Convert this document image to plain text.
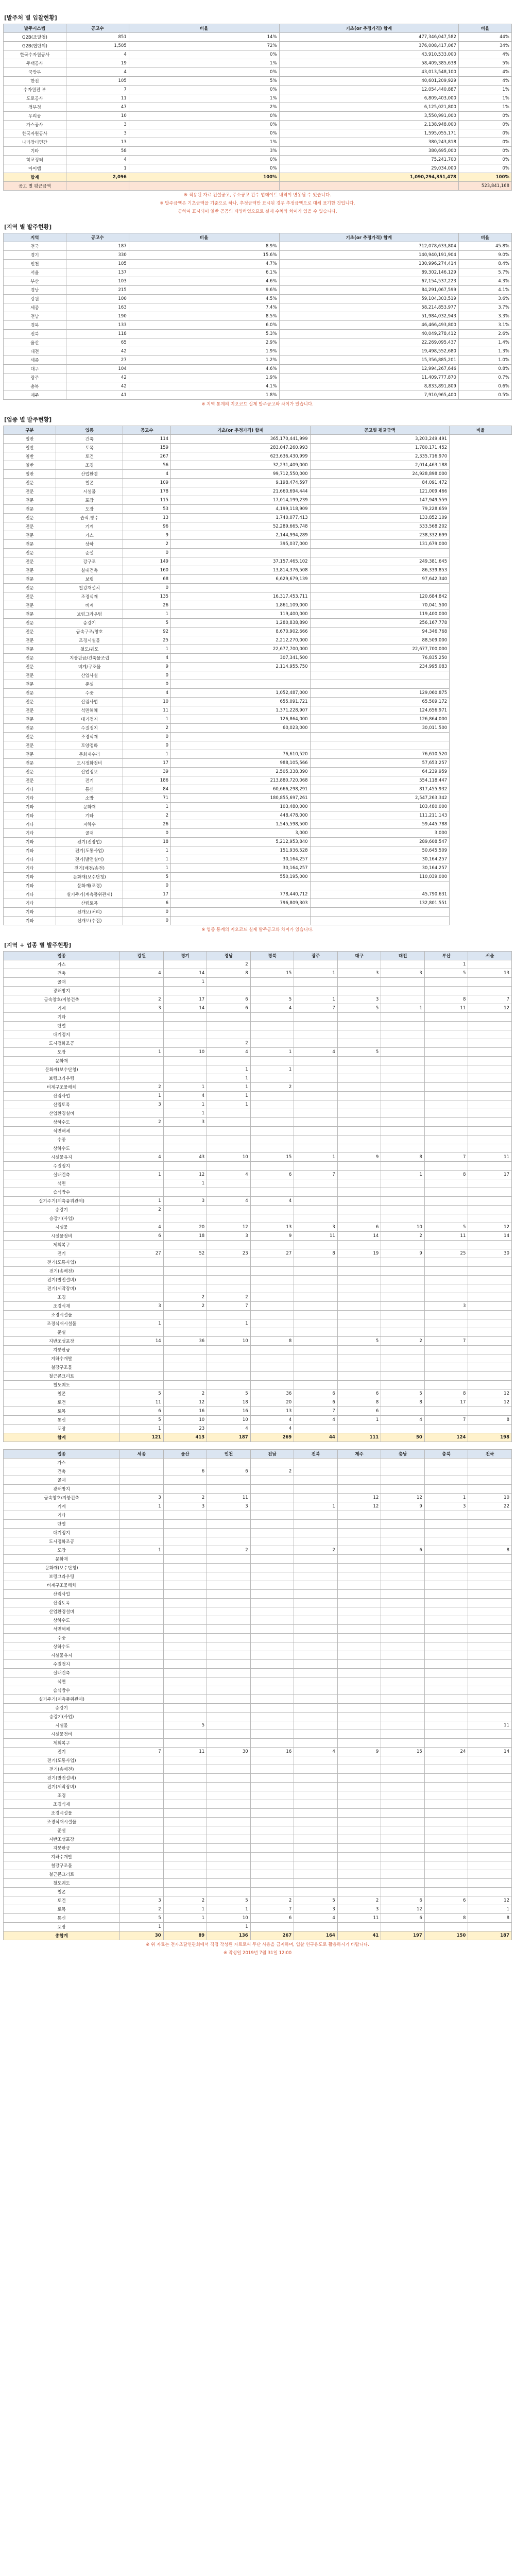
[발주처 별 입찰현황]
발주시스템	공고수	비율	기초(or 추정가격) 합계	비율
G2B(조달청)	851	14%	477,346,047,582	44%
G2B(협단위)	1,505	72%	376,008,417,067	34%
한국수자원공사	4	0%	43,910,533,000	4%
주택공사	19	1%	58,409,385,638	5%
국방부	4	0%	43,013,548,100	4%
한전	105	5%	40,601,209,929	4%
수자원전 부	7	0%	12,054,440,887	1%
도로공사	11	1%	6,809,403,000	1%
정부청	47	2%	6,125,021,800	1%
우리공	10	0%	3,550,991,000	0%
가스공사	3	0%	2,138,948,000	0%
한국자원공사	3	0%	1,595,055,171	0%
나라장터민간	13	1%	380,243,818	0%
기타	58	3%	380,695,000	0%
학교정터	4	0%	75,241,700	0%
아이템	1	0%	29,034,000	0%
합계	2,096	100%	1,090,294,351,478	100%
공고 별 평균금액				523,841,168
※ 적용된 자료 건설공고, 주소공고 건수 업데이트 내역이 변동될 수 있습니다.
※ 발주금액은 기초금액을 기준으로 하나, 추정금액만 표시된 경우 추정금액으로 대체 표기한 것입니다.
공하여 표시되어 일반 공공의 제영하였으므로 실제 수치와 차이가 있을 수 있습니다.
[지역 별 발주현황]
지역	공고수	비율	기초(or 추정가격) 합계	비율
전국	187	8.9%	712,078,633,804	45.8%
경기	330	15.6%	140,940,191,904	9.0%
인천	105	4.7%	130,996,274,414	8.4%
서울	137	6.1%	89,302,146,129	5.7%
부산	103	4.6%	67,154,537,223	4.3%
경남	215	9.6%	84,291,067,599	4.1%
강원	100	4.5%	59,104,303,519	3.6%
세종	163	7.4%	58,214,853,977	3.7%
전남	190	8.5%	51,984,032,943	3.3%
경북	133	6.0%	46,466,493,800	3.1%
전북	118	5.3%	40,049,278,412	2.6%
울산	65	2.9%	22,269,095,437	1.4%
대전	42	1.9%	19,498,552,680	1.3%
세종	27	1.2%	15,356,885,201	1.0%
대구	104	4.6%	12,994,267,646	0.8%
광주	42	1.9%	11,409,777,870	0.7%
충북	42	4.1%	8,833,891,809	0.6%
제주	41	1.8%	7,910,965,400	0.5%
※ 지역 통계의 지오코드 실제 발주공고와 차이가 있습니다.
[업종 별 발주현황]
구분	업종	공고수	기초(or 추정가격) 합계	공고별 평균금액	비율
일반	건축	114	365,170,441,999	3,203,249,491	
일반	토목	159	283,047,260,993	1,780,171,452	
일반	토건	267	623,636,430,999	2,335,716,970	
일반	조경	56	32,231,409,000	2,014,463,188	
일반	산업환경	4	99,712,550,000	24,928,898,000	
전문	철콘	109	9,198,474,597	84,091,472	
전문	시설물	178	21,660,694,444	121,009,466	
전문	포장	115	17,014,199,239	147,949,559	
전문	도장	53	4,199,118,909	79,228,659	
전문	습식.방수	13	1,740,077,413	133,852,109	
전문	기계	96	52,289,665,748	533,568,202	
전문	가스	9	2,144,994,289	238,332,699	
전문	상하	2	395,037,000	131,679,000	
전문	준설	0			
전문	강구조	149	37,157,465,102	249,381,645	
전문	실내건축	160	13,814,376,508	86,339,853	
전문	보링	68	6,629,679,139	97,642,340	
전문	철강재설치	0			
전문	조경식재	135	16,317,453,711	120,684,842	
전문	비계	26	1,861,109,000	70,041,500	
전문	보링그라우팅	1	119,400,000	119,400,000	
전문	승강기	5	1,280,838,890	256,167,778	
전문	금속구조/창호	92	8,670,902,666	94,346,768	
전문	조경시설물	25	2,212,270,000	88,509,000	
전문	철도/궤도	1	22,677,700,000	22,677,700,000	
전문	지붕판금/건축물조립	4	307,341,500	76,835,250	
전문	비계/구조물	9	2,114,955,750	234,995,083	
전문	산업사설	0			
전문	준설	0			
전문	수중	4	1,052,487,000	129,060,875	
전문	산림사업	10	655,091,721	65,509,172	
전문	석면해체	11	1,371,228,907	124,656,971	
전문	대기정지	1	126,864,000	126,864,000	
전문	수질정지	2	60,023,000	30,011,500	
전문	조경식재	0			
전문	토양정화	0			
전문	문화재수리	1	76,610,520	76,610,520	
전문	도시정화정비	17	988,105,566	57,653,257	
전문	산업정보	39	2,505,338,390	64,239,959	
전문	전기	186	213,880,720,068	554,118,447	
기타	통신	84	60,666,298,291	817,455,932	
기타	소방	71	180,855,697,261	2,547,263,342	
기타	문화재	1	103,480,000	103,480,000	
기타	기타	2	448,478,000	111,211,143	
기타	지하수	26	1,545,598,500	59,445,788	
기타	골재	0	3,000	3,000	
기타	전기(전장업)	18	5,212,953,840	289,608,547	
기타	전기(도통사업)	1	151,936,528	50,645,509	
기타	전기(발전설비)	1	30,164,257	30,164,257	
기타	전기(배전/송전)	1	30,164,257	30,164,257	
기타	문화재(보수단청)	5	550,195,000	110,039,000	
기타	문화재(조경)	0			
기타	실기주기(계측품위관제)	17	778,440,712	45,790,631	
기타	산림토목	6	796,809,303	132,801,551	
기타	신개보(처리)	0			
기타	신개보(수집)	0			
※ 업종 통계의 지오코드 실제 발주공고와 차이가 있습니다.
[지역 + 업종 별 발주현황]
업종	강원	경기	경남	경북	광주	대구	대전	부산	서울
가스			2					1	
건축	4	14	8	15	1	3	3	5	13
골재		1							
광해방지									
금속창호/지붕건축	2	17	6	5	1	3		8	7
기계	3	14	6	4	7	5	1	11	12
기타									
단열									
대기정지									
도시정화조공			2						
도장	1	10	4	1	4	5			
문화재									
문화재(보수단청)			1	1					
보링그라우팅			1						
비계구조물해체	2	1	1	2					
산림사업	1	4	1						
산림토목	3	1	1						
산업환경설비		1							
상하수도	2	3							
석면해체									
수중									
상하수도									
시설물유지	4	43	10	15	1	9	8	7	11
수질정지									
실내건축	1	12	4	6	7		1	8	17
석면		1							
습식방수									
실기주기(계측품위관제)	1	3	4	4					
승강기	2								
승강기(사업)									
시설물	4	20	12	13	3	6	10	5	12
시설물정비	6	18	3	9	11	14	2	11	14
제회복구									
전기	27	52	23	27	8	19	9	25	30
전기(도통사업)									
전기(송배전)									
전기(발전설비)									
전기(제작장비)									
조경		2	2						
조경식재	3	2	7					3	
조경시설물									
조경식재시설물	1		1						
준설									
지반조성포장	14	36	10	8		5	2	7	
지붕판금									
지하수개발									
철강구조물									
철근콘크리트									
철도궤도									
철콘	5	2	5	36	6	6	5	8	12
토건	11	12	18	20	6	8	8	17	12
토목	6	16	16	13	7	6			
통신	5	10	10	4	4	1	4	7	8
포장	1	23	4	4					
합계	121	413	187	269	44	111	50	124	198
업종	세종	울산	인천	전남	전북	제주	충남	충북	전국
가스									
건축		6	6	2					
골재									
광해방지									
금속창호/지붕건축	3	2	11			12	12	1	10
기계	1	3	3		1	12	9	3	22
기타									
단열									
대기정지									
도시정화조공									
도장	1		2		2		6		8
문화재									
문화재(보수단청)									
보링그라우팅									
비계구조물해체									
산림사업									
산림토목									
산업환경설비									
상하수도									
석면해체									
수중									
상하수도									
시설물유지									
수질정지									
실내건축									
석면									
습식방수									
실기주기(계측품위관제)									
승강기									
승강기(사업)									
시설물		5							11
시설물정비									
제회복구									
전기	7	11	30	16	4	9	15	24	14
전기(도통사업)									
전기(송배전)									
전기(발전설비)									
전기(제작장비)									
조경									
조경식재									
조경시설물									
조경식재시설물									
준설									
지반조성포장									
지붕판금									
지하수개발									
철강구조물									
철근콘크리트									
철도궤도									
철콘									
토건	3	2	5	2	5	2	6	6	12
토목	2	1	1	7	3	3	12		1
통신	5	1	10	6	4	11	6	8	8
포장	1		1						
총합계	30	89	136	267	164	41	197	150	187
※ 위 자료는 전자조달연관회에서 직접 작성된 자료로써 무단 사용을 금지하며, 입찰 연구용도로 활용하시기 바랍니다.
※ 작성일 2019년 7월 31일 12:00
